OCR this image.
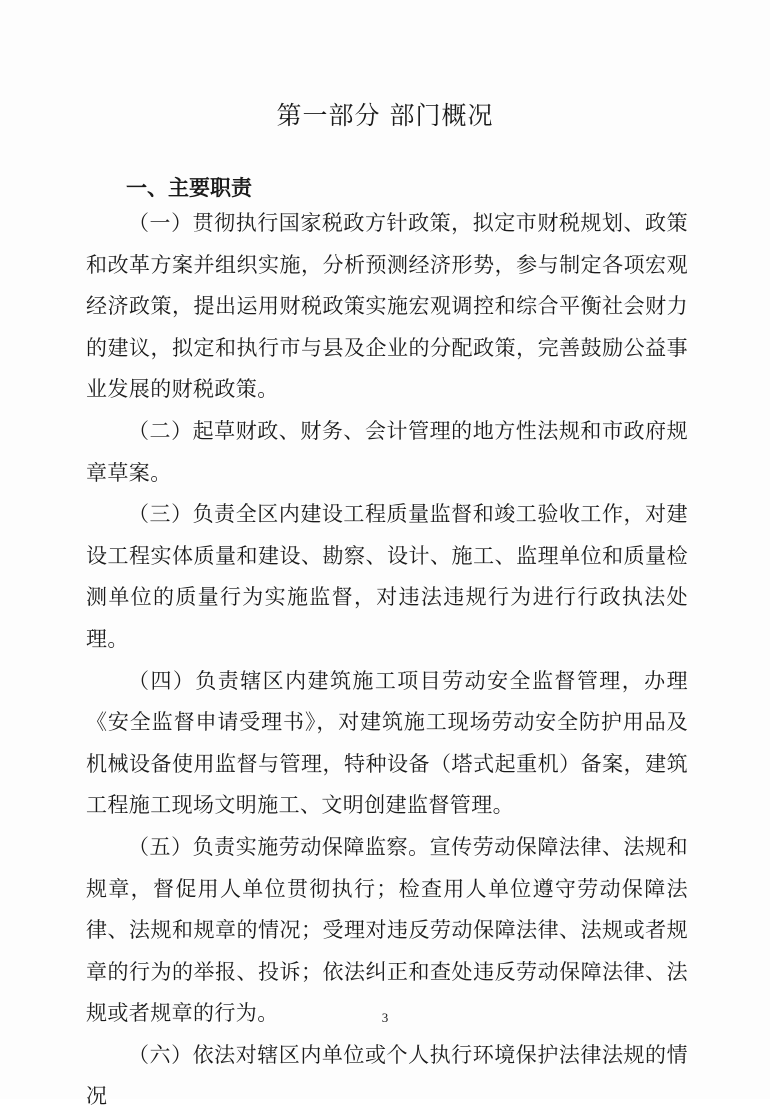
第一部分 部门概况
一、主要职责

（一）贯彻执行国家税政方针政策，拟定市财税规划、政策和改革方案并组织实施，分析预测经济形势，参与制定各项宏观经济政策，提出运用财税政策实施宏观调控和综合平衡社会财力的建议，拟定和执行市与县及企业的分配政策，完善鼓励公益事业发展的财税政策。

（二）起草财政、财务、会计管理的地方性法规和市政府规章草案。

（三）负责全区内建设工程质量监督和竣工验收工作，对建设工程实体质量和建设、勘察、设计、施工、监理单位和质量检测单位的质量行为实施监督，对违法违规行为进行行政执法处理。

（四）负责辖区内建筑施工项目劳动安全监督管理，办理《安全监督申请受理书》，对建筑施工现场劳动安全防护用品及机械设备使用监督与管理，特种设备（塔式起重机）备案，建筑工程施工现场文明施工、文明创建监督管理。

（五）负责实施劳动保障监察。宣传劳动保障法律、法规和规章，督促用人单位贯彻执行；检查用人单位遵守劳动保障法律、法规和规章的情况；受理对违反劳动保障法律、法规或者规章的行为的举报、投诉；依法纠正和查处违反劳动保障法律、法规或者规章的行为。

（六）依法对辖区内单位或个人执行环境保护法律法规的情况

3
